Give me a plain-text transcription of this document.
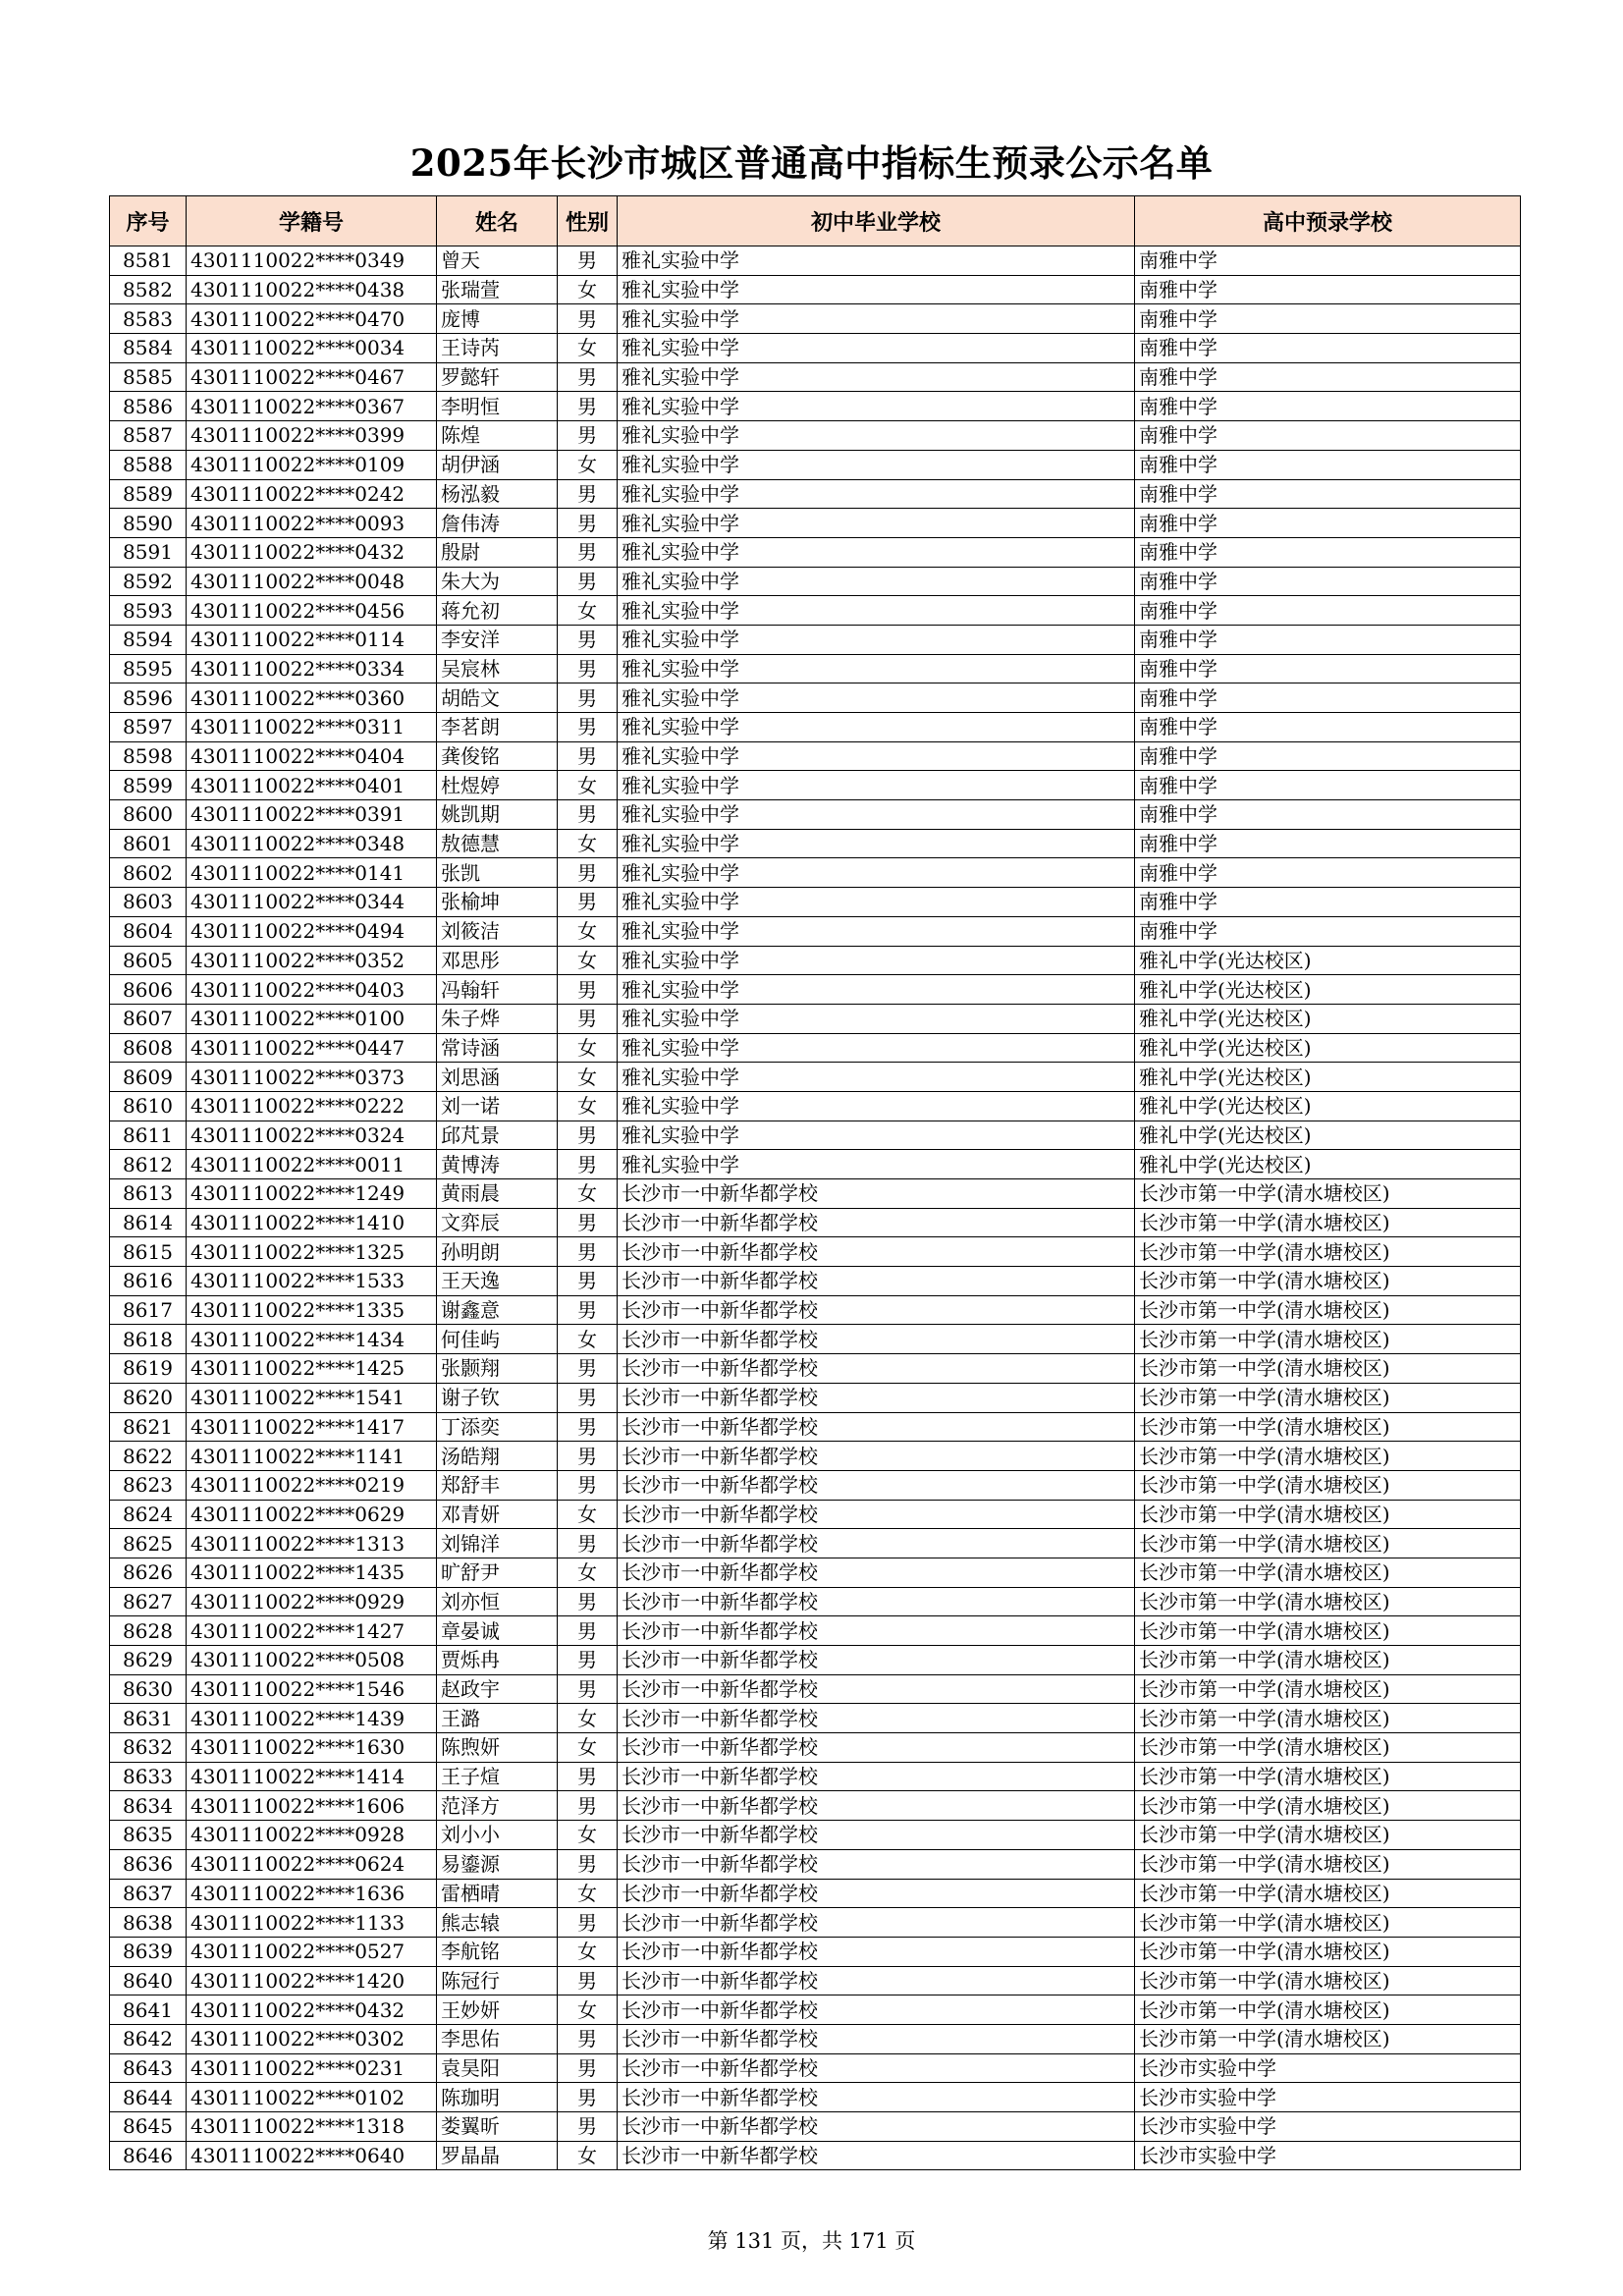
2025年长沙市城区普通高中指标生预录公示名单
序号	学籍号	姓名	性别	初中毕业学校	高中预录学校
8581	4301110022****0349	曾天	男	雅礼实验中学	南雅中学
8582	4301110022****0438	张瑞萱	女	雅礼实验中学	南雅中学
8583	4301110022****0470	庞博	男	雅礼实验中学	南雅中学
8584	4301110022****0034	王诗芮	女	雅礼实验中学	南雅中学
8585	4301110022****0467	罗懿轩	男	雅礼实验中学	南雅中学
8586	4301110022****0367	李明恒	男	雅礼实验中学	南雅中学
8587	4301110022****0399	陈煌	男	雅礼实验中学	南雅中学
8588	4301110022****0109	胡伊涵	女	雅礼实验中学	南雅中学
8589	4301110022****0242	杨泓毅	男	雅礼实验中学	南雅中学
8590	4301110022****0093	詹伟涛	男	雅礼实验中学	南雅中学
8591	4301110022****0432	殷尉	男	雅礼实验中学	南雅中学
8592	4301110022****0048	朱大为	男	雅礼实验中学	南雅中学
8593	4301110022****0456	蒋允初	女	雅礼实验中学	南雅中学
8594	4301110022****0114	李安洋	男	雅礼实验中学	南雅中学
8595	4301110022****0334	吴宸林	男	雅礼实验中学	南雅中学
8596	4301110022****0360	胡皓文	男	雅礼实验中学	南雅中学
8597	4301110022****0311	李茗朗	男	雅礼实验中学	南雅中学
8598	4301110022****0404	龚俊铭	男	雅礼实验中学	南雅中学
8599	4301110022****0401	杜煜婷	女	雅礼实验中学	南雅中学
8600	4301110022****0391	姚凯期	男	雅礼实验中学	南雅中学
8601	4301110022****0348	敖德慧	女	雅礼实验中学	南雅中学
8602	4301110022****0141	张凯	男	雅礼实验中学	南雅中学
8603	4301110022****0344	张榆坤	男	雅礼实验中学	南雅中学
8604	4301110022****0494	刘筱洁	女	雅礼实验中学	南雅中学
8605	4301110022****0352	邓思彤	女	雅礼实验中学	雅礼中学(光达校区)
8606	4301110022****0403	冯翰轩	男	雅礼实验中学	雅礼中学(光达校区)
8607	4301110022****0100	朱子烨	男	雅礼实验中学	雅礼中学(光达校区)
8608	4301110022****0447	常诗涵	女	雅礼实验中学	雅礼中学(光达校区)
8609	4301110022****0373	刘思涵	女	雅礼实验中学	雅礼中学(光达校区)
8610	4301110022****0222	刘一诺	女	雅礼实验中学	雅礼中学(光达校区)
8611	4301110022****0324	邱芃景	男	雅礼实验中学	雅礼中学(光达校区)
8612	4301110022****0011	黄博涛	男	雅礼实验中学	雅礼中学(光达校区)
8613	4301110022****1249	黄雨晨	女	长沙市一中新华都学校	长沙市第一中学(清水塘校区)
8614	4301110022****1410	文弈辰	男	长沙市一中新华都学校	长沙市第一中学(清水塘校区)
8615	4301110022****1325	孙明朗	男	长沙市一中新华都学校	长沙市第一中学(清水塘校区)
8616	4301110022****1533	王天逸	男	长沙市一中新华都学校	长沙市第一中学(清水塘校区)
8617	4301110022****1335	谢鑫意	男	长沙市一中新华都学校	长沙市第一中学(清水塘校区)
8618	4301110022****1434	何佳屿	女	长沙市一中新华都学校	长沙市第一中学(清水塘校区)
8619	4301110022****1425	张颢翔	男	长沙市一中新华都学校	长沙市第一中学(清水塘校区)
8620	4301110022****1541	谢子钦	男	长沙市一中新华都学校	长沙市第一中学(清水塘校区)
8621	4301110022****1417	丁添奕	男	长沙市一中新华都学校	长沙市第一中学(清水塘校区)
8622	4301110022****1141	汤皓翔	男	长沙市一中新华都学校	长沙市第一中学(清水塘校区)
8623	4301110022****0219	郑舒丰	男	长沙市一中新华都学校	长沙市第一中学(清水塘校区)
8624	4301110022****0629	邓青妍	女	长沙市一中新华都学校	长沙市第一中学(清水塘校区)
8625	4301110022****1313	刘锦洋	男	长沙市一中新华都学校	长沙市第一中学(清水塘校区)
8626	4301110022****1435	旷舒尹	女	长沙市一中新华都学校	长沙市第一中学(清水塘校区)
8627	4301110022****0929	刘亦恒	男	长沙市一中新华都学校	长沙市第一中学(清水塘校区)
8628	4301110022****1427	章晏诚	男	长沙市一中新华都学校	长沙市第一中学(清水塘校区)
8629	4301110022****0508	贾烁冉	男	长沙市一中新华都学校	长沙市第一中学(清水塘校区)
8630	4301110022****1546	赵政宇	男	长沙市一中新华都学校	长沙市第一中学(清水塘校区)
8631	4301110022****1439	王潞	女	长沙市一中新华都学校	长沙市第一中学(清水塘校区)
8632	4301110022****1630	陈煦妍	女	长沙市一中新华都学校	长沙市第一中学(清水塘校区)
8633	4301110022****1414	王子煊	男	长沙市一中新华都学校	长沙市第一中学(清水塘校区)
8634	4301110022****1606	范泽方	男	长沙市一中新华都学校	长沙市第一中学(清水塘校区)
8635	4301110022****0928	刘小小	女	长沙市一中新华都学校	长沙市第一中学(清水塘校区)
8636	4301110022****0624	易鎏源	男	长沙市一中新华都学校	长沙市第一中学(清水塘校区)
8637	4301110022****1636	雷栖晴	女	长沙市一中新华都学校	长沙市第一中学(清水塘校区)
8638	4301110022****1133	熊志辕	男	长沙市一中新华都学校	长沙市第一中学(清水塘校区)
8639	4301110022****0527	李航铭	女	长沙市一中新华都学校	长沙市第一中学(清水塘校区)
8640	4301110022****1420	陈冠行	男	长沙市一中新华都学校	长沙市第一中学(清水塘校区)
8641	4301110022****0432	王妙妍	女	长沙市一中新华都学校	长沙市第一中学(清水塘校区)
8642	4301110022****0302	李思佑	男	长沙市一中新华都学校	长沙市第一中学(清水塘校区)
8643	4301110022****0231	袁昊阳	男	长沙市一中新华都学校	长沙市实验中学
8644	4301110022****0102	陈珈明	男	长沙市一中新华都学校	长沙市实验中学
8645	4301110022****1318	娄翼昕	男	长沙市一中新华都学校	长沙市实验中学
8646	4301110022****0640	罗晶晶	女	长沙市一中新华都学校	长沙市实验中学
第 131 页，共 171 页
